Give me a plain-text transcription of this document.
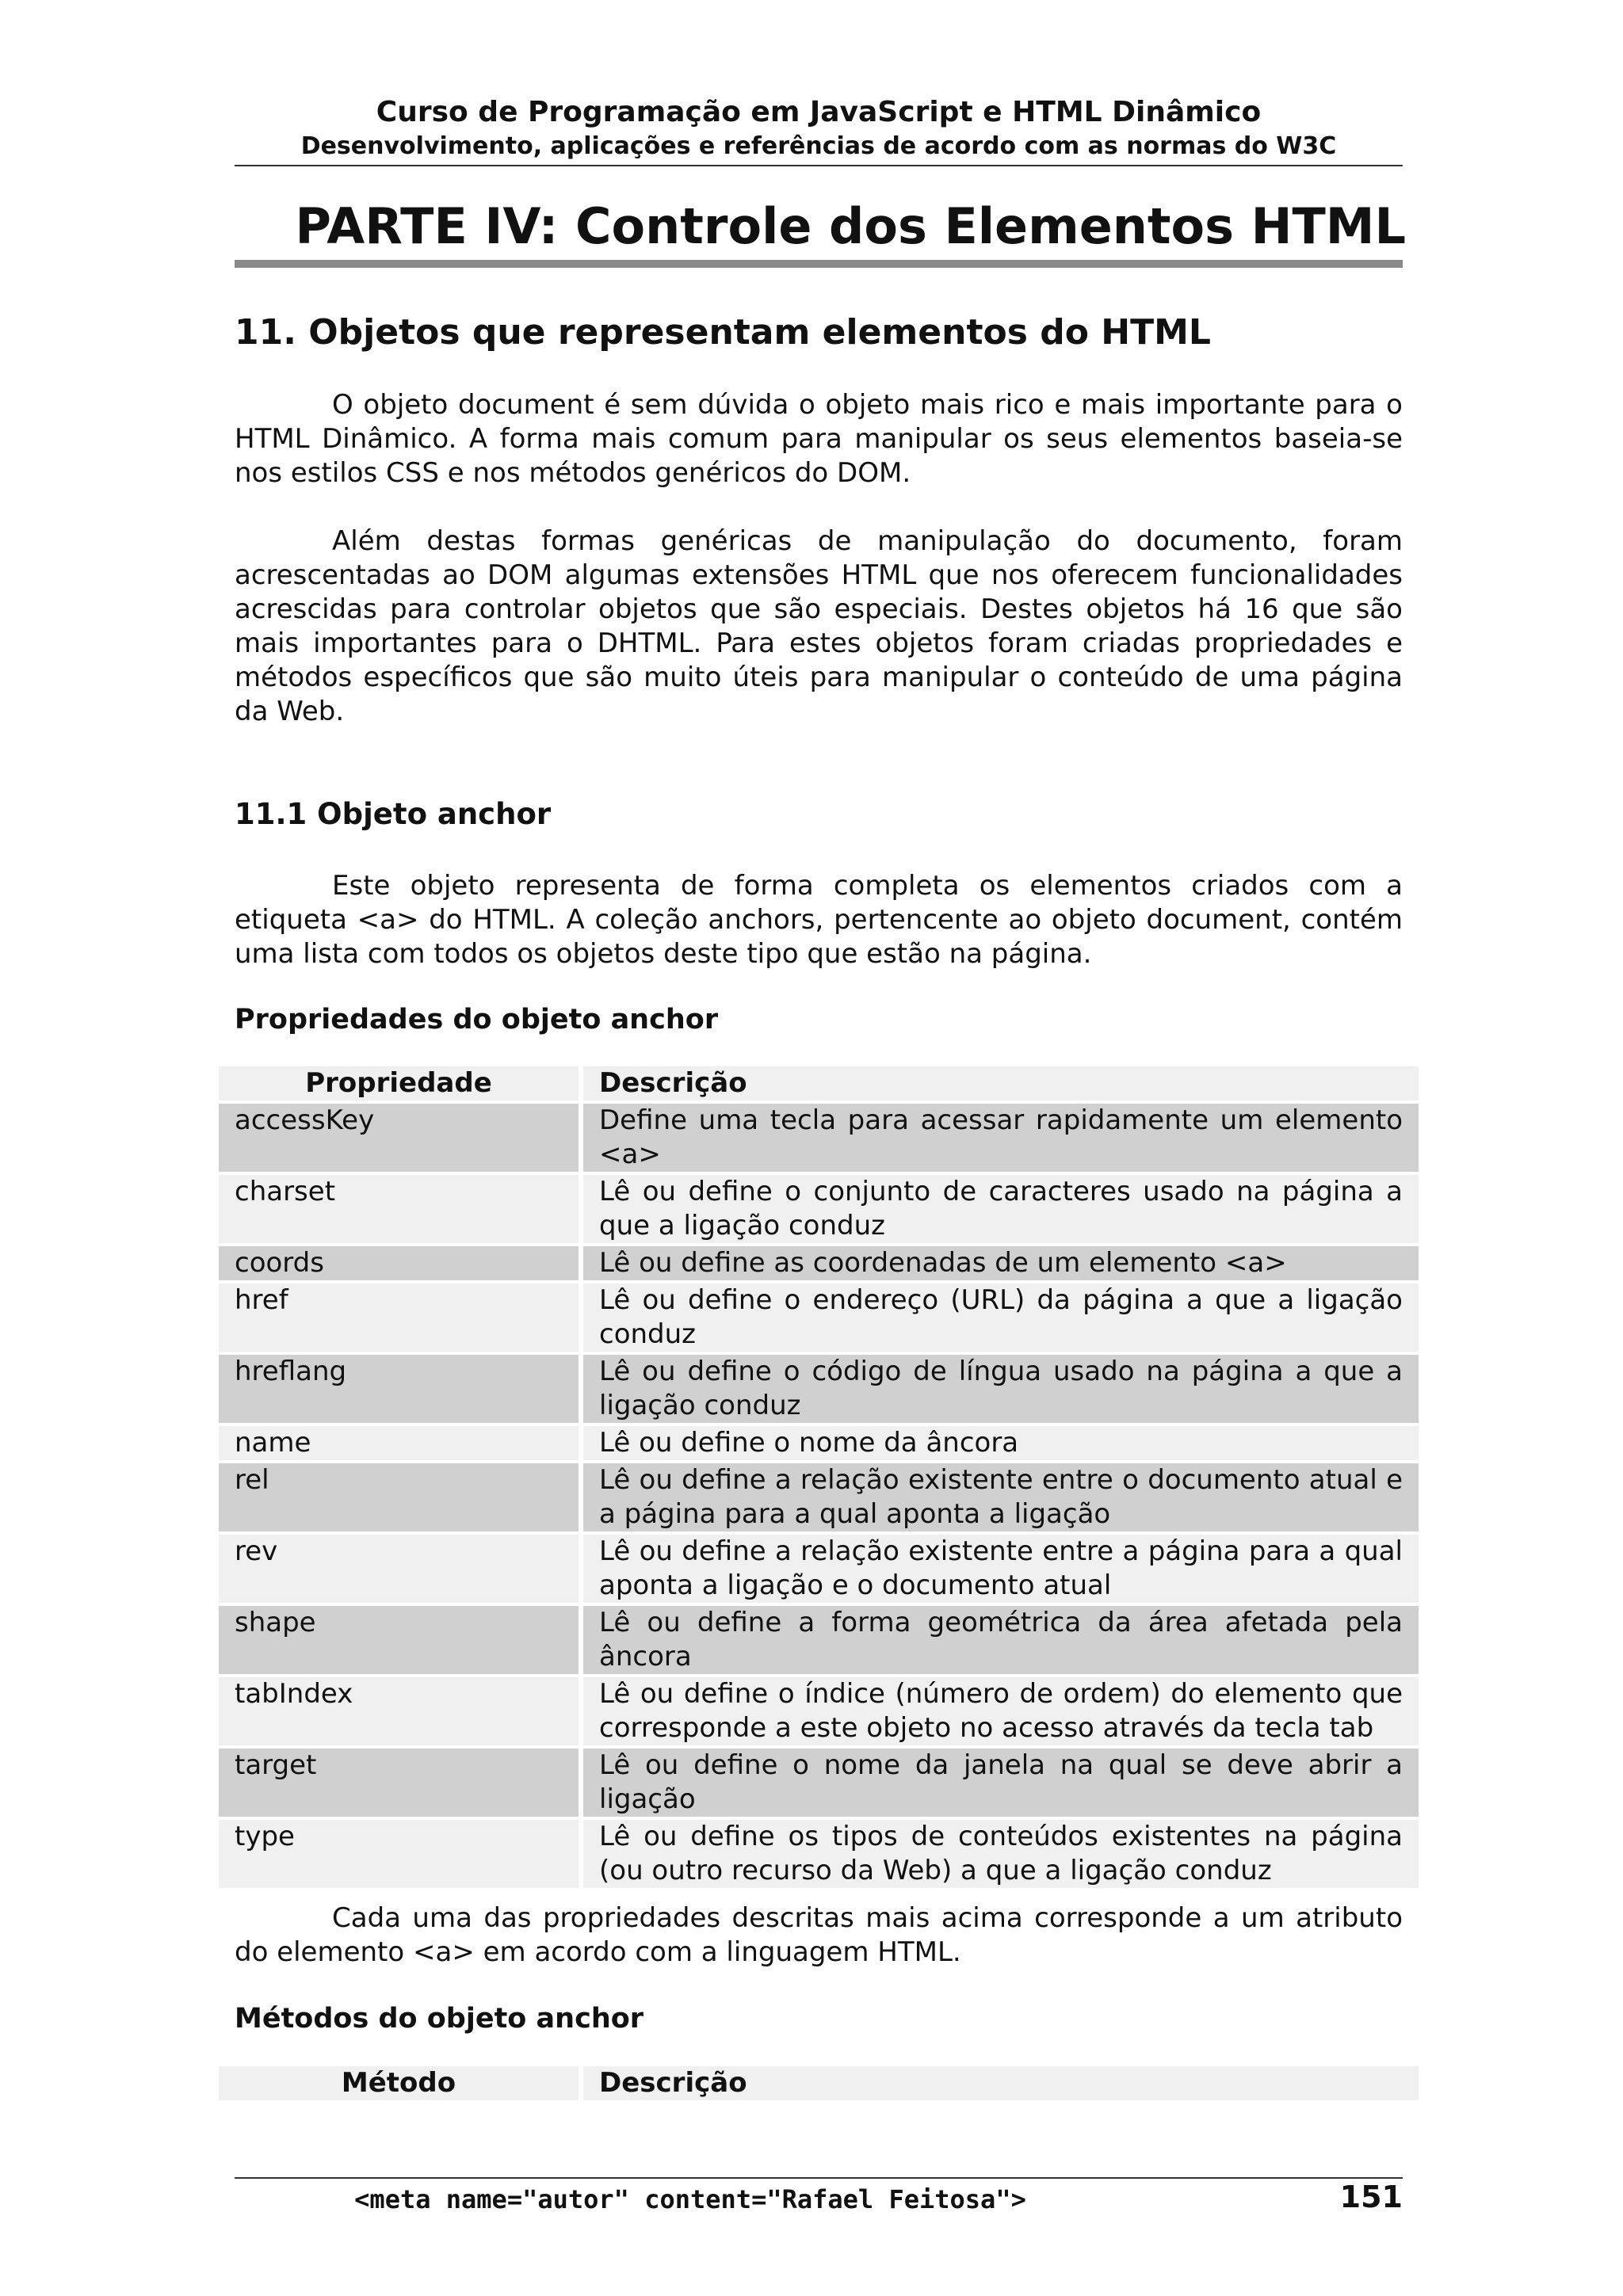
Curso de Programação em JavaScript e HTML Dinâmico
Desenvolvimento, aplicações e referências de acordo com as normas do W3C
PARTE IV: Controle dos Elementos HTML
11. Objetos que representam elementos do HTML

O objeto document é sem dúvida o objeto mais rico e mais importante para o HTML Dinâmico. A forma mais comum para manipular os seus elementos baseia-se nos estilos CSS e nos métodos genéricos do DOM.

Além destas formas genéricas de manipulação do documento, foram acrescentadas ao DOM algumas extensões HTML que nos oferecem funcionalidades acrescidas para controlar objetos que são especiais. Destes objetos há 16 que são mais importantes para o DHTML. Para estes objetos foram criadas propriedades e métodos específicos que são muito úteis para manipular o conteúdo de uma página da Web.

11.1 Objeto anchor

Este objeto representa de forma completa os elementos criados com a etiqueta <a> do HTML. A coleção anchors, pertencente ao objeto document, contém uma lista com todos os objetos deste tipo que estão na página.

Propriedades do objeto anchor
Propriedade	Descrição
accessKey	Define uma tecla para acessar rapidamente um elemento <a>
charset	Lê ou define o conjunto de caracteres usado na página a que a ligação conduz
coords	Lê ou define as coordenadas de um elemento <a>
href	Lê ou define o endereço (URL) da página a que a ligação conduz
hreflang	Lê ou define o código de língua usado na página a que a ligação conduz
name	Lê ou define o nome da âncora
rel	Lê ou define a relação existente entre o documento atual e a página para a qual aponta a ligação
rev	Lê ou define a relação existente entre a página para a qual aponta a ligação e o documento atual
shape	Lê ou define a forma geométrica da área afetada pela âncora
tabIndex	Lê ou define o índice (número de ordem) do elemento que corresponde a este objeto no acesso através da tecla tab
target	Lê ou define o nome da janela na qual se deve abrir a ligação
type	Lê ou define os tipos de conteúdos existentes na página (ou outro recurso da Web) a que a ligação conduz

Cada uma das propriedades descritas mais acima corresponde a um atributo do elemento <a> em acordo com a linguagem HTML.

Métodos do objeto anchor
Método	Descrição
<meta name="autor" content="Rafael Feitosa">	151
